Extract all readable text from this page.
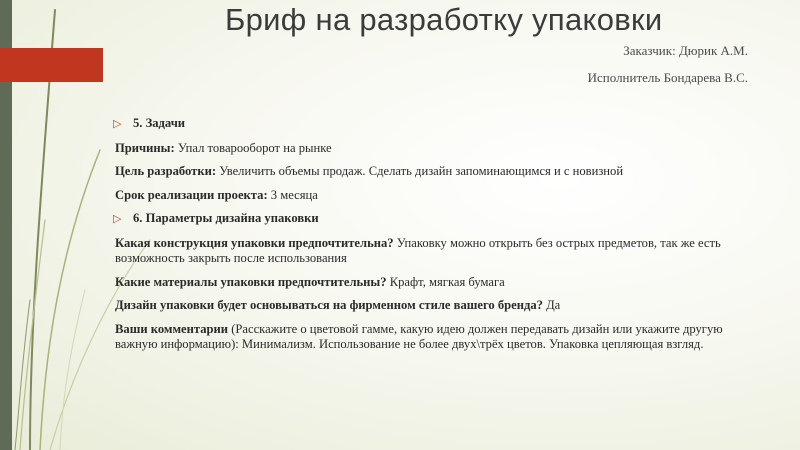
Бриф на разработку упаковки
Заказчик: Дюрик А.М.
Исполнитель Бондарева В.С.
▷ 5. Задачи
Причины: Упал товарооборот на рынке
Цель разработки: Увеличить объемы продаж. Сделать дизайн запоминающимся и с новизной
Срок реализации проекта: 3 месяца
▷ 6. Параметры дизайна упаковки
Какая конструкция упаковки предпочтительна? Упаковку можно открыть без острых предметов, так же есть возможность закрыть после использования
Какие материалы упаковки предпочтительны? Крафт, мягкая бумага
Дизайн упаковки будет основываться на фирменном стиле вашего бренда? Да
Ваши комментарии (Расскажите о цветовой гамме, какую идею должен передавать дизайн или укажите другую важную информацию): Минимализм. Использование не более двух\трёх цветов. Упаковка цепляющая взгляд.
